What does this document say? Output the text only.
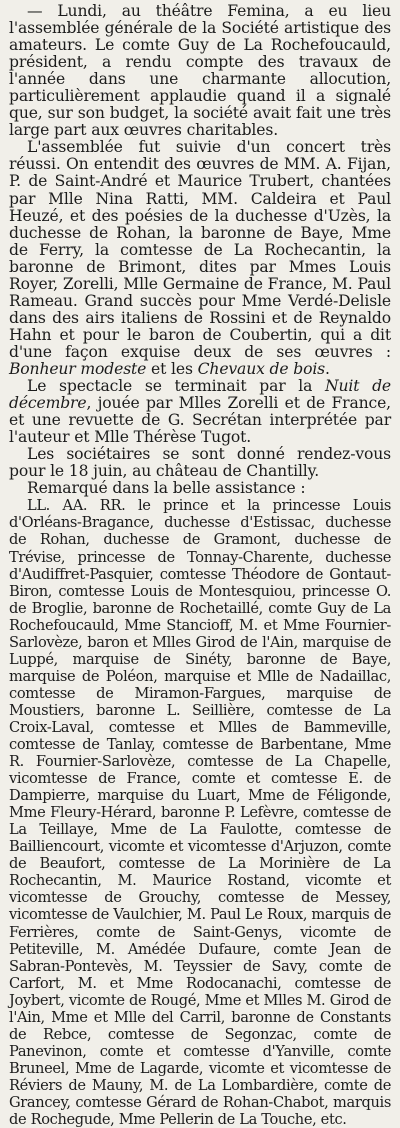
— Lundi, au théâtre Femina, a eu lieu l'assemblée générale de la Société artistique des amateurs. Le comte Guy de La Rochefoucauld, président, a rendu compte des travaux de l'année dans une charmante allocution, particulièrement applaudie quand il a signalé que, sur son budget, la société avait fait une très large part aux œuvres charitables.

L'assemblée fut suivie d'un concert très réussi. On entendit des œuvres de MM. A. Fijan, P. de Saint-André et Maurice Trubert, chantées par Mlle Nina Ratti, MM. Caldeira et Paul Heuzé, et des poésies de la duchesse d'Uzès, la duchesse de Rohan, la baronne de Baye, Mme de Ferry, la comtesse de La Rochecantin, la baronne de Brimont, dites par Mmes Louis Royer, Zorelli, Mlle Germaine de France, M. Paul Rameau. Grand succès pour Mme Verdé-Delisle dans des airs italiens de Rossini et de Reynaldo Hahn et pour le baron de Coubertin, qui a dit d'une façon exquise deux de ses œuvres : Bonheur modeste et les Chevaux de bois.

Le spectacle se terminait par la Nuit de décembre, jouée par Mlles Zorelli et de France, et une revuette de G. Secrétan interprétée par l'auteur et Mlle Thérèse Tugot.

Les sociétaires se sont donné rendez-vous pour le 18 juin, au château de Chantilly.

Remarqué dans la belle assistance :

LL. AA. RR. le prince et la princesse Louis d'Orléans-Bragance, duchesse d'Estissac, duchesse de Rohan, duchesse de Gramont, duchesse de Trévise, princesse de Tonnay-Charente, duchesse d'Audiffret-Pasquier, comtesse Théodore de Gontaut-Biron, comtesse Louis de Montesquiou, princesse O. de Broglie, baronne de Rochetaillé, comte Guy de La Rochefoucauld, Mme Stancioff, M. et Mme Fournier-Sarlovèze, baron et Mlles Girod de l'Ain, marquise de Luppé, marquise de Sinéty, baronne de Baye, marquise de Poléon, marquise et Mlle de Nadaillac, comtesse de Miramon-Fargues, marquise de Moustiers, baronne L. Seillière, comtesse de La Croix-Laval, comtesse et Mlles de Bammeville, comtesse de Tanlay, comtesse de Barbentane, Mme R. Fournier-Sarlovèze, comtesse de La Chapelle, vicomtesse de France, comte et comtesse E. de Dampierre, marquise du Luart, Mme de Féligonde, Mme Fleury-Hérard, baronne P. Lefèvre, comtesse de La Teillaye, Mme de La Faulotte, comtesse de Bailliencourt, vicomte et vicomtesse d'Arjuzon, comte de Beaufort, comtesse de La Morinière de La Rochecantin, M. Maurice Rostand, vicomte et vicomtesse de Grouchy, comtesse de Messey, vicomtesse de Vaulchier, M. Paul Le Roux, marquis de Ferrières, comte de Saint-Genys, vicomte de Petiteville, M. Amédée Dufaure, comte Jean de Sabran-Pontevès, M. Teyssier de Savy, comte de Carfort, M. et Mme Rodocanachi, comtesse de Joybert, vicomte de Rougé, Mme et Mlles M. Girod de l'Ain, Mme et Mlle del Carril, baronne de Constants de Rebce, comtesse de Segonzac, comte de Panevinon, comte et comtesse d'Yanville, comte Bruneel, Mme de Lagarde, vicomte et vicomtesse de Réviers de Mauny, M. de La Lombardière, comte de Grancey, comtesse Gérard de Rohan-Chabot, marquis de Rochegude, Mme Pellerin de La Touche, etc.
